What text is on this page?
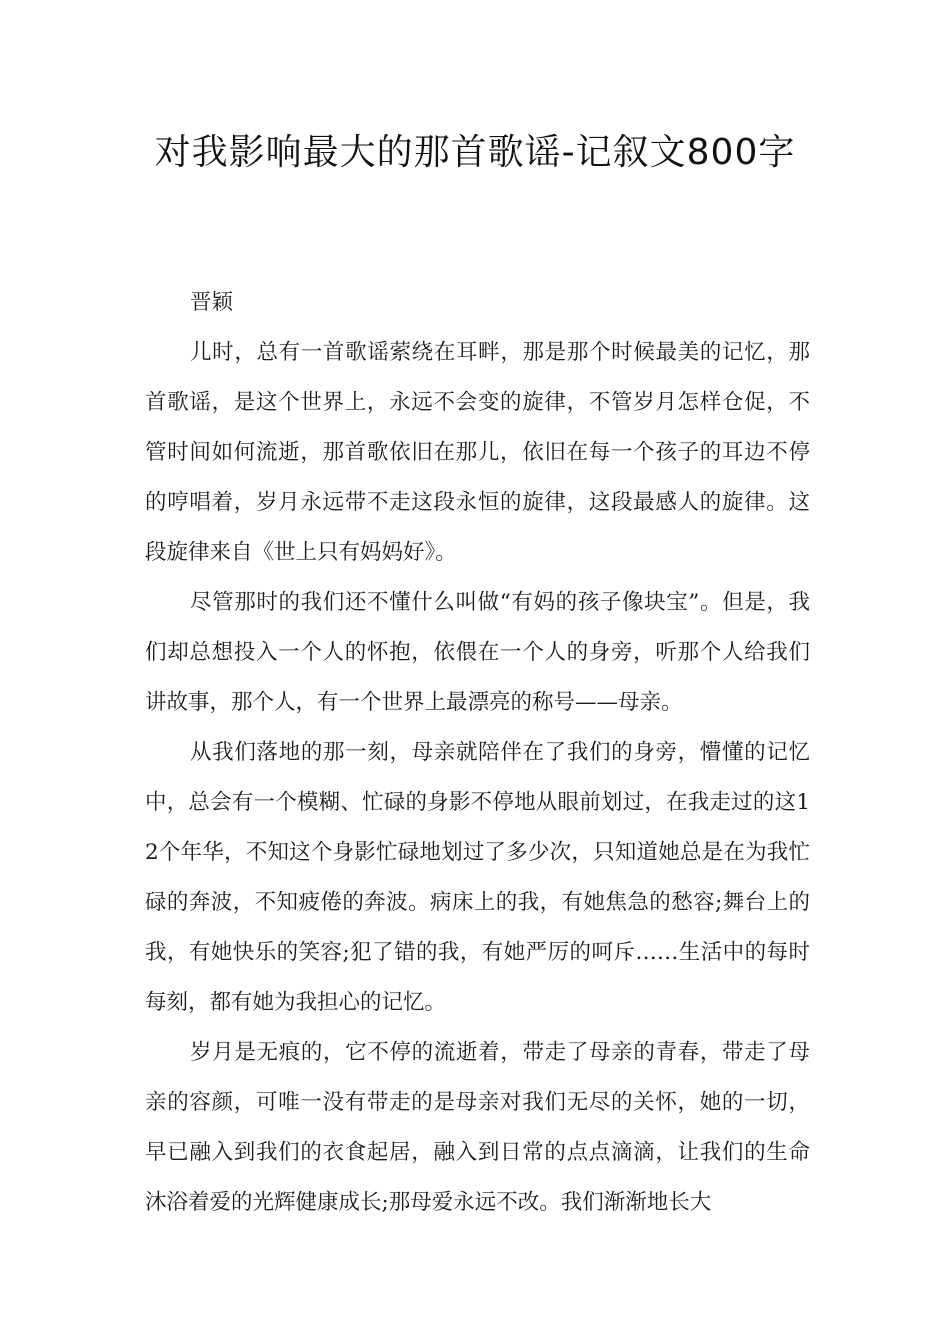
对我影响最大的那首歌谣-记叙文800字

晋颖

儿时，总有一首歌谣萦绕在耳畔，那是那个时候最美的记忆，那首歌谣，是这个世界上，永远不会变的旋律，不管岁月怎样仓促，不管时间如何流逝，那首歌依旧在那儿，依旧在每一个孩子的耳边不停的哼唱着，岁月永远带不走这段永恒的旋律，这段最感人的旋律。这段旋律来自《世上只有妈妈好》。

尽管那时的我们还不懂什么叫做“有妈的孩子像块宝”。但是，我们却总想投入一个人的怀抱，依偎在一个人的身旁，听那个人给我们讲故事，那个人，有一个世界上最漂亮的称号——母亲。

从我们落地的那一刻，母亲就陪伴在了我们的身旁，懵懂的记忆中，总会有一个模糊、忙碌的身影不停地从眼前划过，在我走过的这12个年华，不知这个身影忙碌地划过了多少次，只知道她总是在为我忙碌的奔波，不知疲倦的奔波。病床上的我，有她焦急的愁容;舞台上的我，有她快乐的笑容;犯了错的我，有她严厉的呵斥……生活中的每时每刻，都有她为我担心的记忆。

岁月是无痕的，它不停的流逝着，带走了母亲的青春，带走了母亲的容颜，可唯一没有带走的是母亲对我们无尽的关怀，她的一切，早已融入到我们的衣食起居，融入到日常的点点滴滴，让我们的生命沐浴着爱的光辉健康成长;那母爱永远不改。我们渐渐地长大
